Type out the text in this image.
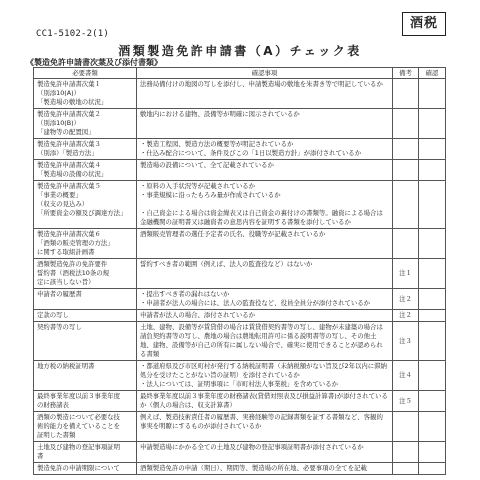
CC1-5102-2(1)
酒税
酒類製造免許申請書（A）チェック表
《製造免許申請書次葉及び添付書類》
必要書類	確認事項	備考	確認
製造免許申請書次葉１
（別添10(A)）
「製造場の敷地の状況」	法務局備付けの地図の写しを添付し、申請製造場の敷地を朱書き等で明記しているか		

製造免許申請書次葉２
（別添10(B)）
「建物等の配置図」	敷地内における建物、設備等が明確に図示されているか		

製造免許申請書次葉３
（別添）「製造方法」	・製造工程図、製造方法の概要等が明記されているか
・仕込み配合について、条件及びこの「1日以製造方針」が添付されているか		

製造免許申請書次葉４
「製造場の設備の状況」	製造場の設備について、全て記載されているか		

製造免許申請書次葉５
「事業の概要」
（収支の見込み）
「所要資金の額及び調達方法」	・原料の入手状況等が記載されているか
・事業規模に沿ったもろみ量が作成されているか

・自己資金による場合は資金繰表又は自己資金の裏付けの書類等。融資による場合は金融機関の証明書又は融資者の意思内容を証明する書類を添付しているか		

製造免許申請書次葉６
「酒類の販売管理の方法」
に関する取組計画書	酒類販売管理者の選任予定者の氏名、役職等が記載されているか		

酒類製造免許の免許要件
誓約書（酒税法10条の規
定に該当しない旨）	誓約すべき者の範囲（例えば、法人の監査役など）はないか	注１	
申請者の履歴書	・提出すべき者の漏れはないか
・申請者が法人の場合には、法人の監査役など、役員全員分が添付されているか	注２	
定款の写し	申請者が法人の場合、添付されているか	注２	
契約書等の写し	土地、建物、設備等が賃貸借の場合は賃貸借契約書等の写し、建物が未建築の場合は請負契約書等の写し、農地の場合は農地転用許可に係る説明書等の写し、その他土地、建物、設備等が自己の所有に属しない場合で、確実に使用できることが認められる書類	注３	
地方税の納税証明書	・都道府県及び市区町村が発行する納税証明書（未納税額がない旨及び2年以内に滞納処分を受けたことがない旨の証明）を添付されているか
・法人については、証明事項に「市町村法人事業税」を含めているか	注４	
最終事業年度以前３事業年度
の財務諸表	最終事業年度以前３事業年度の財務諸表(貸借対照表及び損益計算書)が添付されているか（個人の場合は、収支計算書）	注５	
酒類の製造について必要な技
術的能力を備えていることを
証明した書類	例えば、製造技術責任者の履歴書、実務経験等の記録書類を証する書類など、客観的事実を明瞭にするものが添付されているか		

土地及び建物の登記事項証明
書	申請製造場にかかる全ての土地及び建物の登記事項証明書が添付されているか		

製造免許の申請期限について	酒類製造免許の申請（期日）、期間等、製造場の所在地、必要事項の全てを記載		
